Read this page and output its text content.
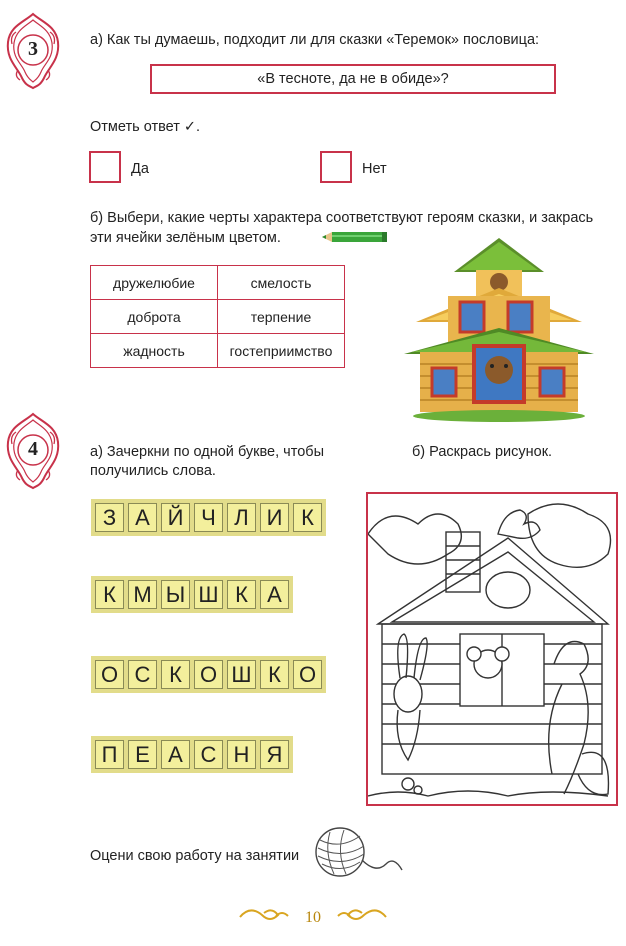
3	а) Как ты думаешь, подходит ли для сказки «Теремок» пословица:
«В тесноте, да не в обиде»?
Отметь ответ ✓.
Да	Нет
б) Выбери, какие черты характера соответствуют героям сказки, и закрась
эти ячейки зелёным цветом.
дружелюбие	смелость
доброта	терпение
жадность	гостеприимство
4	а) Зачеркни по одной букве, чтобы
получились слова.
б) Раскрась рисунок.
З А Й Ч Л И К
К М Ы Ш К А
О С К О Ш К О
П Е А С Н Я
Оцени свою работу на занятии
10
